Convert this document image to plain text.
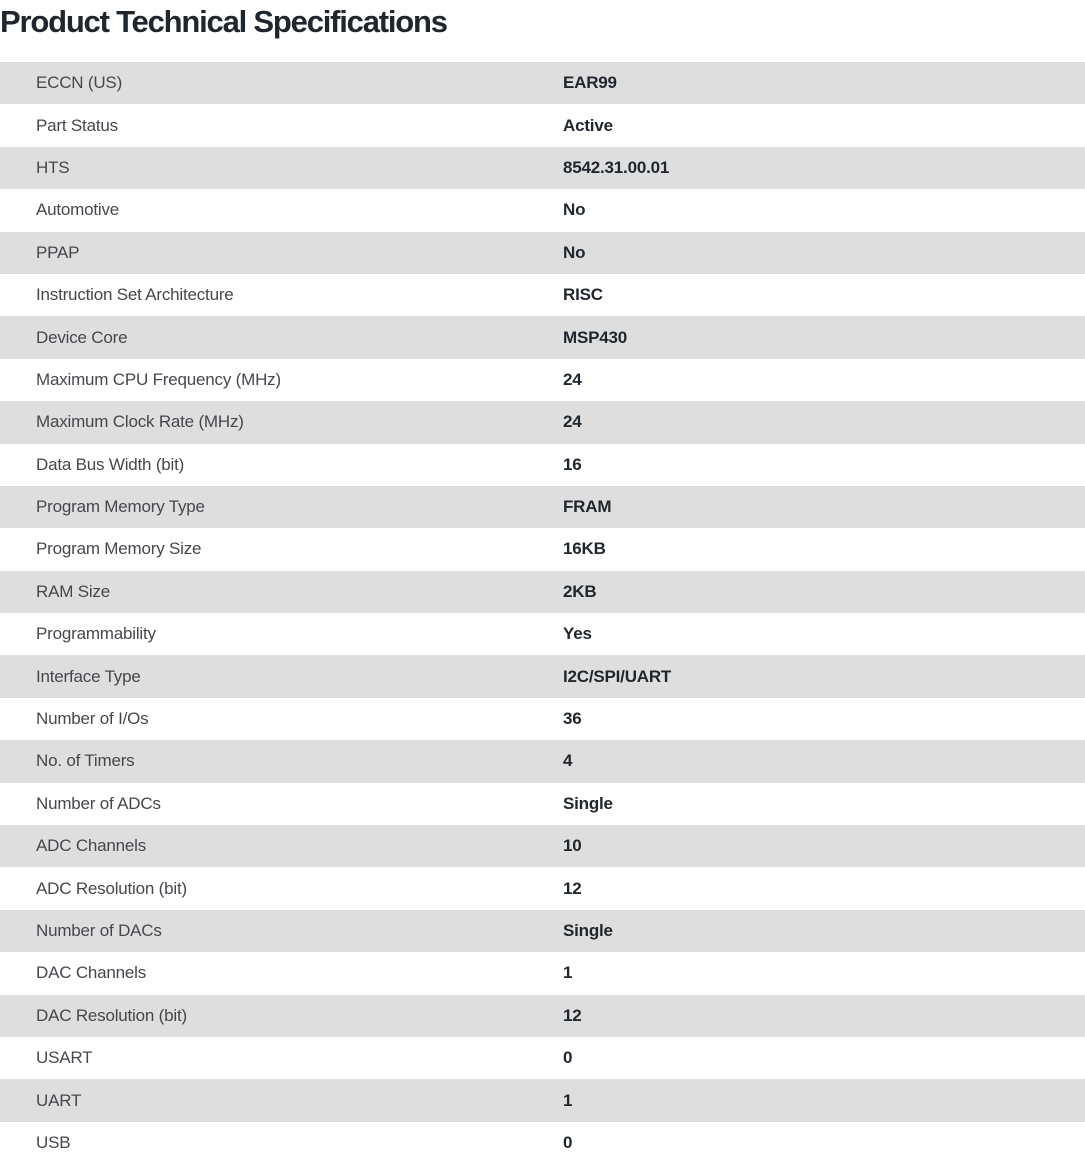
Product Technical Specifications
ECCN (US)	EAR99
Part Status	Active
HTS	8542.31.00.01
Automotive	No
PPAP	No
Instruction Set Architecture	RISC
Device Core	MSP430
Maximum CPU Frequency (MHz)	24
Maximum Clock Rate (MHz)	24
Data Bus Width (bit)	16
Program Memory Type	FRAM
Program Memory Size	16KB
RAM Size	2KB
Programmability	Yes
Interface Type	I2C/SPI/UART
Number of I/Os	36
No. of Timers	4
Number of ADCs	Single
ADC Channels	10
ADC Resolution (bit)	12
Number of DACs	Single
DAC Channels	1
DAC Resolution (bit)	12
USART	0
UART	1
USB	0
